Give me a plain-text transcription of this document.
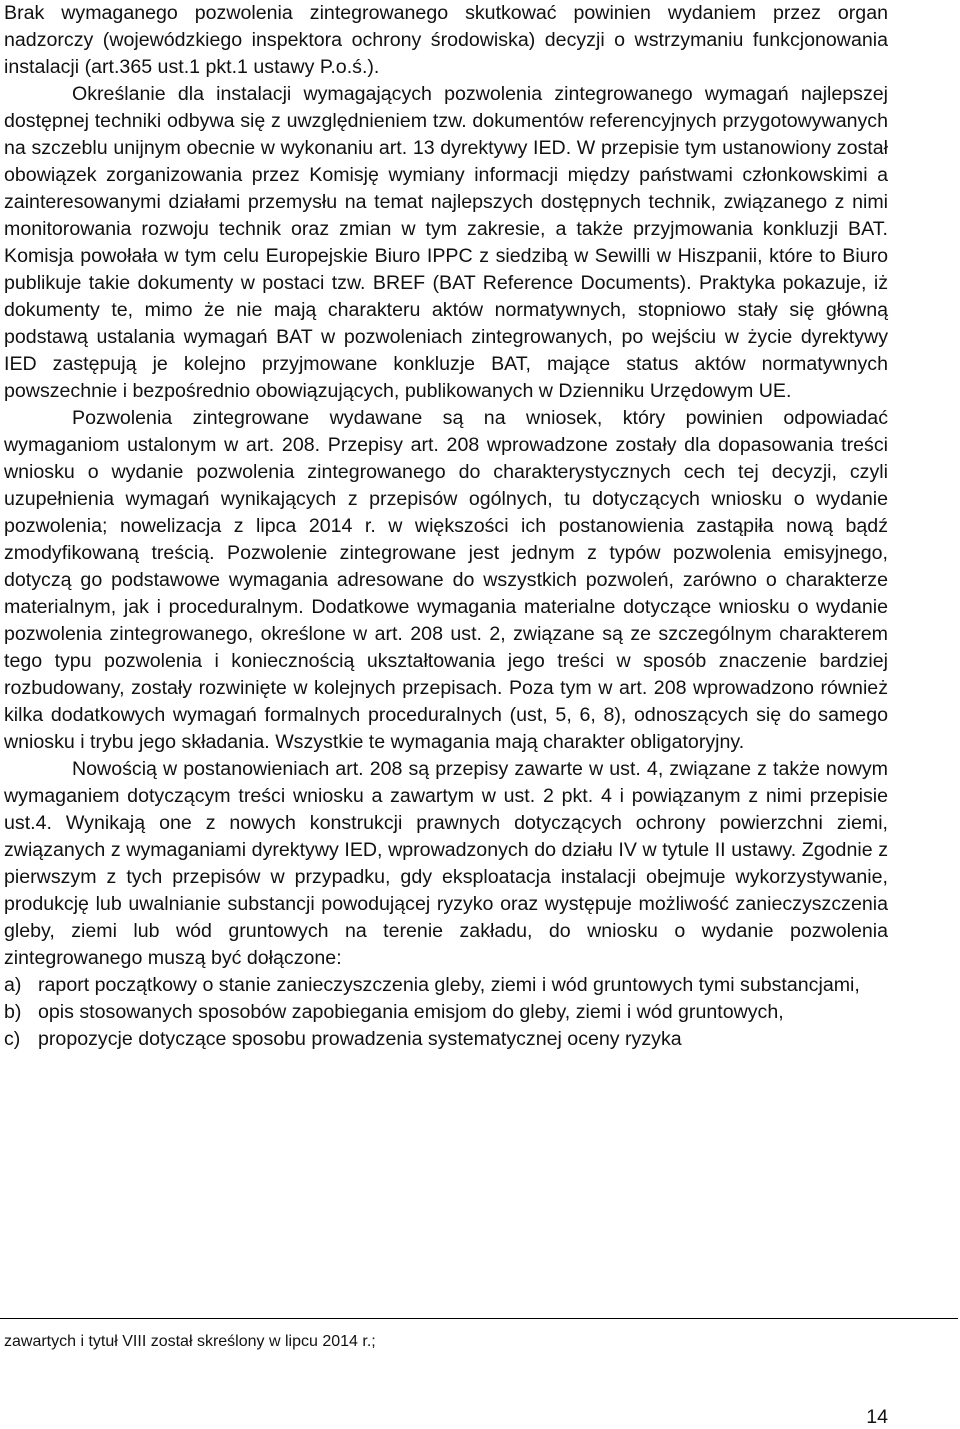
Brak wymaganego pozwolenia zintegrowanego skutkować powinien wydaniem przez organ nadzorczy (wojewódzkiego inspektora ochrony środowiska) decyzji o wstrzymaniu funkcjonowania instalacji (art.365 ust.1 pkt.1 ustawy P.o.ś.).

Określanie dla instalacji wymagających pozwolenia zintegrowanego wymagań najlepszej dostępnej techniki odbywa się z uwzględnieniem tzw. dokumentów referencyjnych przygotowywanych na szczeblu unijnym obecnie w wykonaniu art. 13 dyrektywy IED. W przepisie tym ustanowiony został obowiązek zorganizowania przez Komisję wymiany informacji między państwami członkowskimi a zainteresowanymi działami przemysłu na temat najlepszych dostępnych technik, związanego z nimi monitorowania rozwoju technik oraz zmian w tym zakresie, a także przyjmowania konkluzji BAT. Komisja powołała w tym celu Europejskie Biuro IPPC z siedzibą w Sewilli w Hiszpanii, które to Biuro publikuje takie dokumenty w postaci tzw. BREF (BAT Reference Documents). Praktyka pokazuje, iż dokumenty te, mimo że nie mają charakteru aktów normatywnych, stopniowo stały się główną podstawą ustalania wymagań BAT w pozwoleniach zintegrowanych, po wejściu w życie dyrektywy IED zastępują je kolejno przyjmowane konkluzje BAT, mające status aktów normatywnych powszechnie i bezpośrednio obowiązujących, publikowanych w Dzienniku Urzędowym UE.

Pozwolenia zintegrowane wydawane są na wniosek, który powinien odpowiadać wymaganiom ustalonym w art. 208. Przepisy art. 208 wprowadzone zostały dla dopasowania treści wniosku o wydanie pozwolenia zintegrowanego do charakterystycznych cech tej decyzji, czyli uzupełnienia wymagań wynikających z przepisów ogólnych, tu dotyczących wniosku o wydanie pozwolenia; nowelizacja z lipca 2014 r. w większości ich postanowienia zastąpiła nową bądź zmodyfikowaną treścią. Pozwolenie zintegrowane jest jednym z typów pozwolenia emisyjnego, dotyczą go podstawowe wymagania adresowane do wszystkich pozwoleń, zarówno o charakterze materialnym, jak i proceduralnym. Dodatkowe wymagania materialne dotyczące wniosku o wydanie pozwolenia zintegrowanego, określone w art. 208 ust. 2, związane są ze szczególnym charakterem tego typu pozwolenia i koniecznością ukształtowania jego treści w sposób znaczenie bardziej rozbudowany, zostały rozwinięte w kolejnych przepisach. Poza tym w art. 208 wprowadzono również kilka dodatkowych wymagań formalnych proceduralnych (ust, 5, 6, 8), odnoszących się do samego wniosku i trybu jego składania. Wszystkie te wymagania mają charakter obligatoryjny.

Nowością w postanowieniach art. 208 są przepisy zawarte w ust. 4, związane z także nowym wymaganiem dotyczącym treści wniosku a zawartym w ust. 2 pkt. 4 i powiązanym z nimi przepisie ust.4. Wynikają one z nowych konstrukcji prawnych dotyczących ochrony powierzchni ziemi, związanych z wymaganiami dyrektywy IED, wprowadzonych do działu IV w tytule II ustawy. Zgodnie z pierwszym z tych przepisów w przypadku, gdy eksploatacja instalacji obejmuje wykorzystywanie, produkcję lub uwalnianie substancji powodującej ryzyko oraz występuje możliwość zanieczyszczenia gleby, ziemi lub wód gruntowych na terenie zakładu, do wniosku o wydanie pozwolenia zintegrowanego muszą być dołączone:

a) raport początkowy o stanie zanieczyszczenia gleby, ziemi i wód gruntowych tymi substancjami,
b) opis stosowanych sposobów zapobiegania emisjom do gleby, ziemi i wód gruntowych,
c) propozycje dotyczące sposobu prowadzenia systematycznej oceny ryzyka
zawartych i tytuł VIII został skreślony w lipcu 2014 r.;
14
